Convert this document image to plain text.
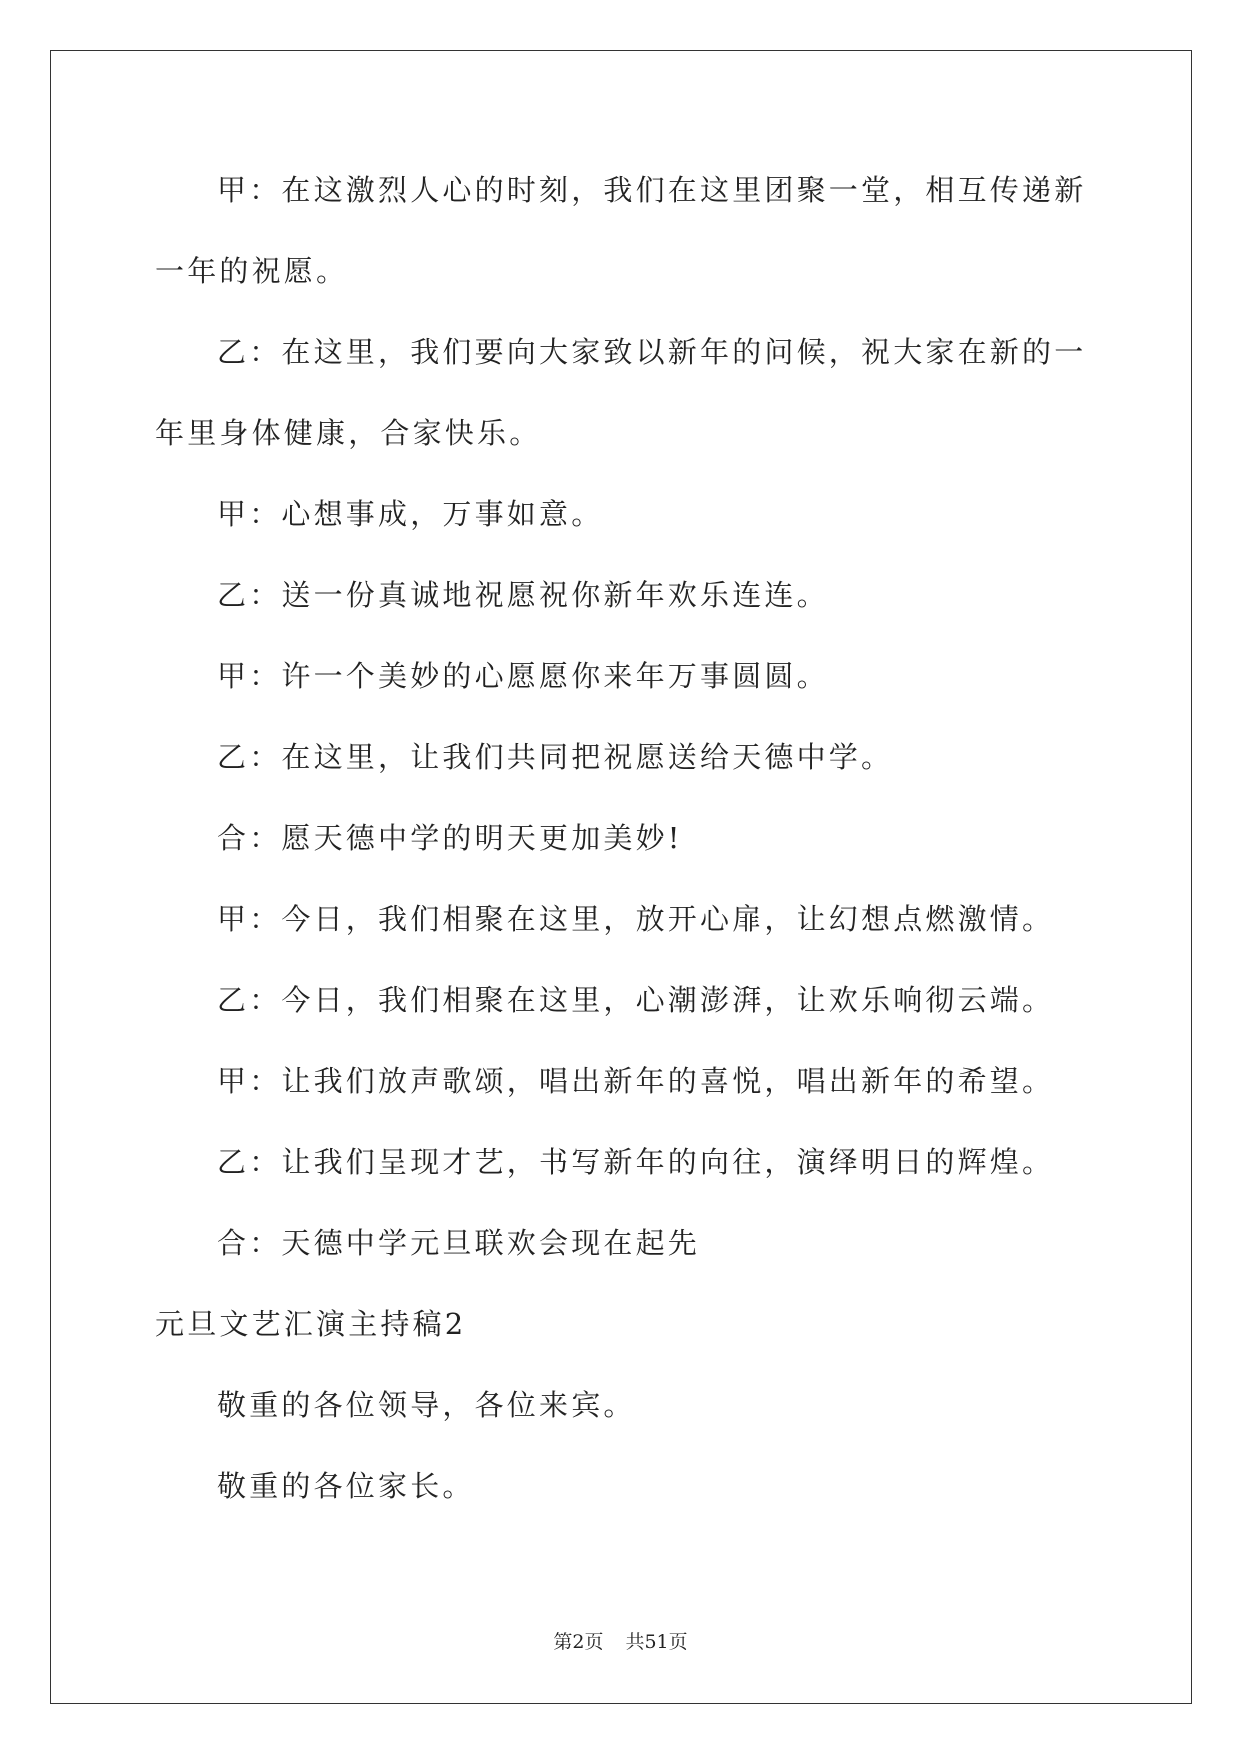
甲：在这激烈人心的时刻，我们在这里团聚一堂，相互传递新一年的祝愿。

乙：在这里，我们要向大家致以新年的问候，祝大家在新的一年里身体健康，合家快乐。

甲：心想事成，万事如意。

乙：送一份真诚地祝愿祝你新年欢乐连连。

甲：许一个美妙的心愿愿你来年万事圆圆。

乙：在这里，让我们共同把祝愿送给天德中学。

合：愿天德中学的明天更加美妙!

甲：今日，我们相聚在这里，放开心扉，让幻想点燃激情。

乙：今日，我们相聚在这里，心潮澎湃，让欢乐响彻云端。

甲：让我们放声歌颂，唱出新年的喜悦，唱出新年的希望。

乙：让我们呈现才艺，书写新年的向往，演绎明日的辉煌。

合：天德中学元旦联欢会现在起先

元旦文艺汇演主持稿2

敬重的各位领导，各位来宾。

敬重的各位家长。

第2页 共51页
